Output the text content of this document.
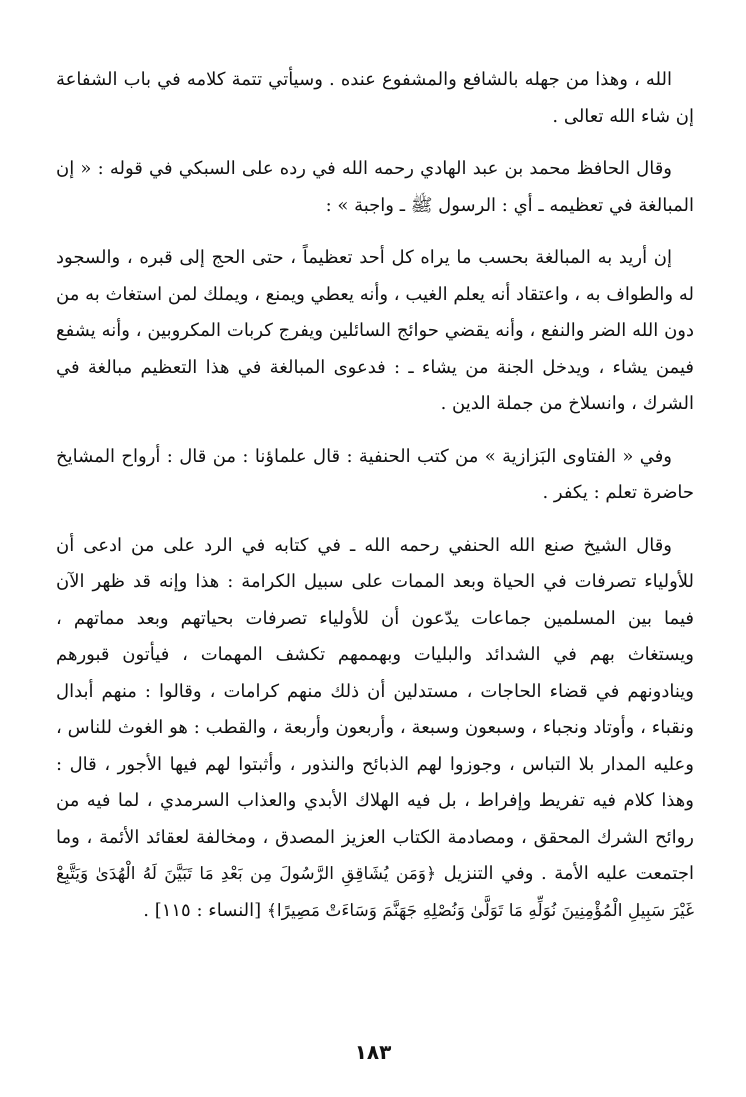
الله ، وهذا من جهله بالشافع والمشفوع عنده . وسيأتي تتمة كلامه في باب الشفاعة إن شاء الله تعالى .

وقال الحافظ محمد بن عبد الهادي رحمه الله في رده على السبكي في قوله : « إن المبالغة في تعظيمه ـ أي : الرسول ﷺ ـ واجبة » :

إن أريد به المبالغة بحسب ما يراه كل أحد تعظيماً ، حتى الحج إلى قبره ، والسجود له والطواف به ، واعتقاد أنه يعلم الغيب ، وأنه يعطي ويمنع ، ويملك لمن استغاث به من دون الله الضر والنفع ، وأنه يقضي حوائج السائلين ويفرج كربات المكروبين ، وأنه يشفع فيمن يشاء ، ويدخل الجنة من يشاء ـ : فدعوى المبالغة في هذا التعظيم مبالغة في الشرك ، وانسلاخ من جملة الدين .

وفي « الفتاوى البَزازية » من كتب الحنفية : قال علماؤنا : من قال : أرواح المشايخ حاضرة تعلم : يكفر .

وقال الشيخ صنع الله الحنفي رحمه الله ـ في كتابه في الرد على من ادعى أن للأولياء تصرفات في الحياة وبعد الممات على سبيل الكرامة : هذا وإنه قد ظهر الآن فيما بين المسلمين جماعات يدّعون أن للأولياء تصرفات بحياتهم وبعد مماتهم ، ويستغاث بهم في الشدائد والبليات وبهممهم تكشف المهمات ، فيأتون قبورهم وينادونهم في قضاء الحاجات ، مستدلين أن ذلك منهم كرامات ، وقالوا : منهم أبدال ونقباء ، وأوتاد ونجباء ، وسبعون وسبعة ، وأربعون وأربعة ، والقطب : هو الغوث للناس ، وعليه المدار بلا التباس ، وجوزوا لهم الذبائح والنذور ، وأثبتوا لهم فيها الأجور ، قال : وهذا كلام فيه تفريط وإفراط ، بل فيه الهلاك الأبدي والعذاب السرمدي ، لما فيه من روائح الشرك المحقق ، ومصادمة الكتاب العزيز المصدق ، ومخالفة لعقائد الأئمة ، وما اجتمعت عليه الأمة . وفي التنزيل ﴿وَمَن يُشَاقِقِ الرَّسُولَ مِن بَعْدِ مَا تَبَيَّنَ لَهُ الْهُدَىٰ وَيَتَّبِعْ غَيْرَ سَبِيلِ الْمُؤْمِنِينَ نُوَلِّهِ مَا تَوَلَّىٰ وَنُصْلِهِ جَهَنَّمَ وَسَاءَتْ مَصِيرًا﴾ [النساء : ١١٥] .

١٨٣
